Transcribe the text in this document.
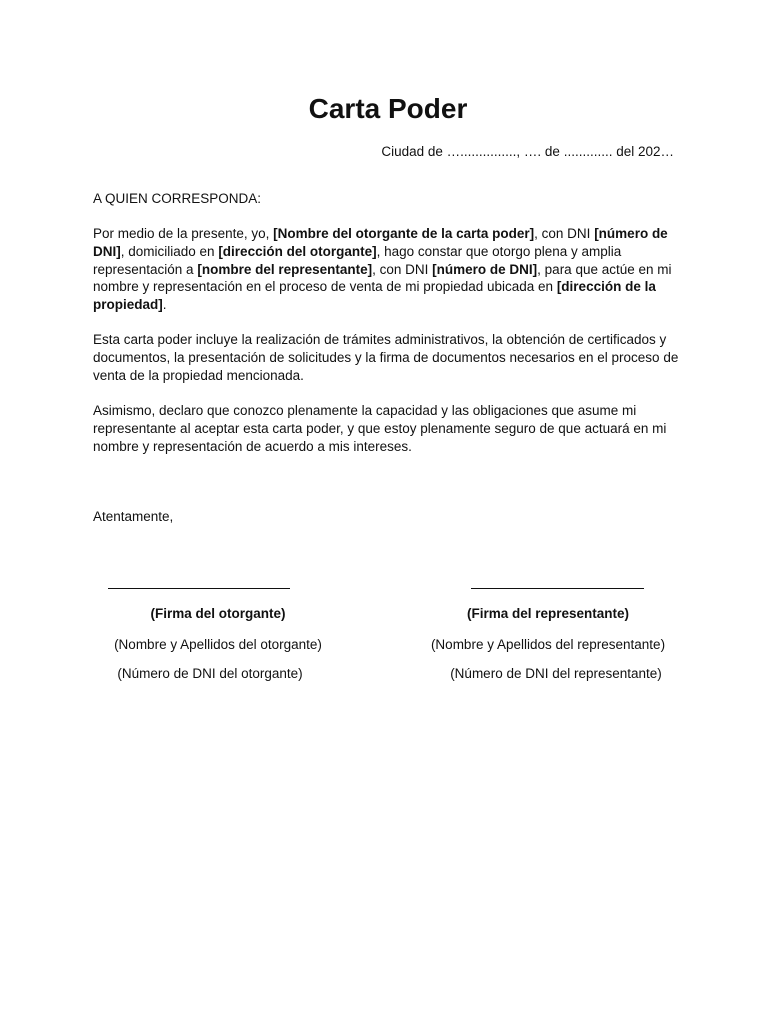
Carta Poder
Ciudad de …..............., …. de ............. del 202…
A QUIEN CORRESPONDA:

Por medio de la presente, yo, [Nombre del otorgante de la carta poder], con DNI [número de DNI], domiciliado en [dirección del otorgante], hago constar que otorgo plena y amplia representación a [nombre del representante], con DNI [número de DNI], para que actúe en mi nombre y representación en el proceso de venta de mi propiedad ubicada en [dirección de la propiedad].

Esta carta poder incluye la realización de trámites administrativos, la obtención de certificados y documentos, la presentación de solicitudes y la firma de documentos necesarios en el proceso de venta de la propiedad mencionada.

Asimismo, declaro que conozco plenamente la capacidad y las obligaciones que asume mi representante al aceptar esta carta poder, y que estoy plenamente seguro de que actuará en mi nombre y representación de acuerdo a mis intereses.

Atentamente,
(Firma del otorgante)	(Firma del representante)
(Nombre y Apellidos del otorgante)	(Nombre y Apellidos del representante)
(Número de DNI del otorgante)	(Número de DNI del representante)
